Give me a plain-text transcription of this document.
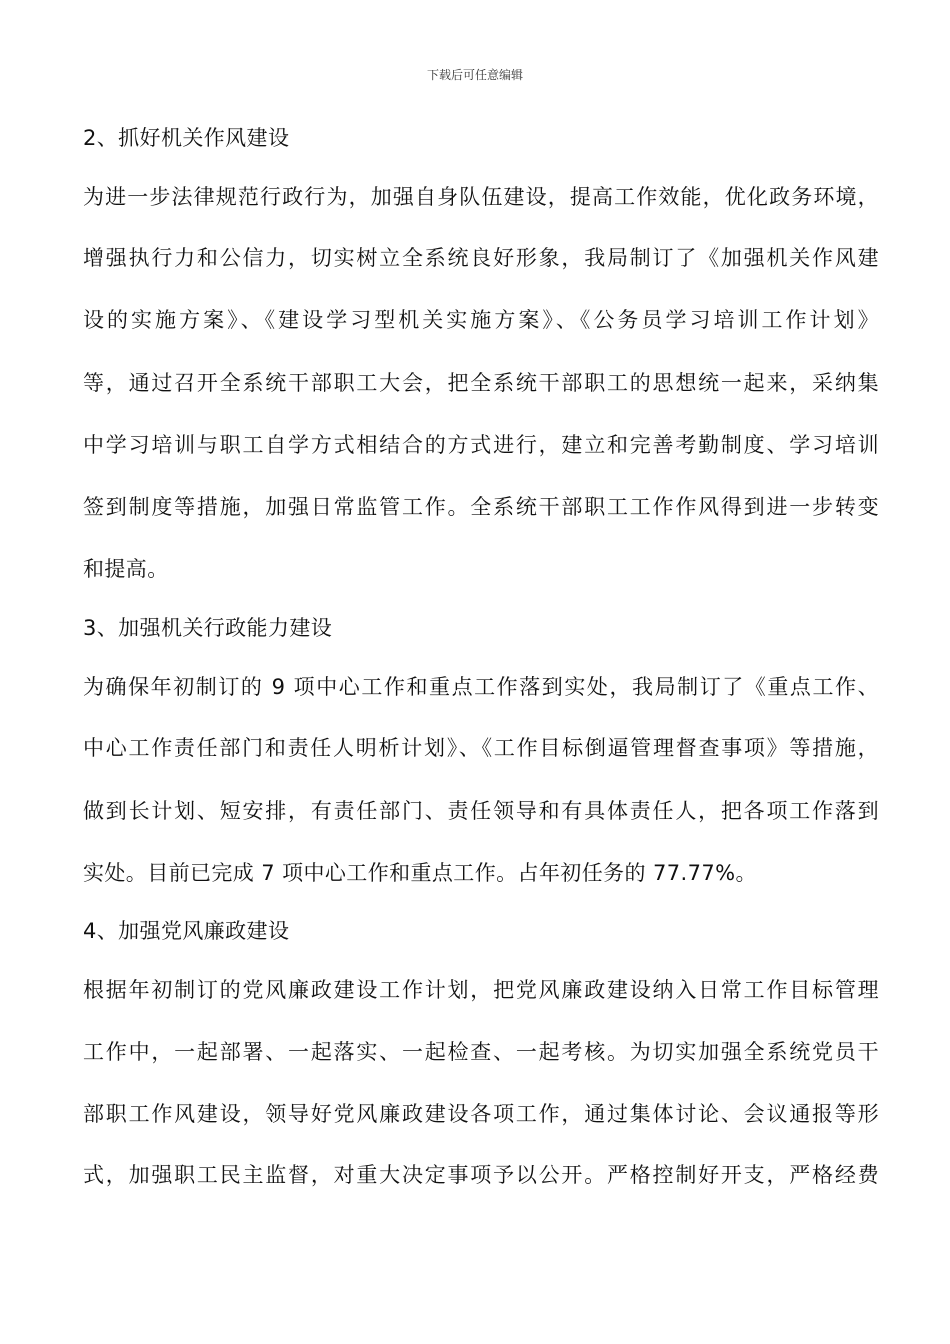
下载后可任意编辑
2、抓好机关作风建设
为进一步法律规范行政行为，加强自身队伍建设，提高工作效能，优化政务环境，
增强执行力和公信力，切实树立全系统良好形象，我局制订了《加强机关作风建
设的实施方案》、《建设学习型机关实施方案》、《公务员学习培训工作计划》
等，通过召开全系统干部职工大会，把全系统干部职工的思想统一起来，采纳集
中学习培训与职工自学方式相结合的方式进行，建立和完善考勤制度、学习培训
签到制度等措施，加强日常监管工作。全系统干部职工工作作风得到进一步转变
和提高。
3、加强机关行政能力建设
为确保年初制订的 9 项中心工作和重点工作落到实处，我局制订了《重点工作、
中心工作责任部门和责任人明析计划》、《工作目标倒逼管理督查事项》等措施，
做到长计划、短安排，有责任部门、责任领导和有具体责任人，把各项工作落到
实处。目前已完成 7 项中心工作和重点工作。占年初任务的 77.77%。
4、加强党风廉政建设
根据年初制订的党风廉政建设工作计划，把党风廉政建设纳入日常工作目标管理
工作中，一起部署、一起落实、一起检查、一起考核。为切实加强全系统党员干
部职工作风建设，领导好党风廉政建设各项工作，通过集体讨论、会议通报等形
式，加强职工民主监督，对重大决定事项予以公开。严格控制好开支，严格经费
